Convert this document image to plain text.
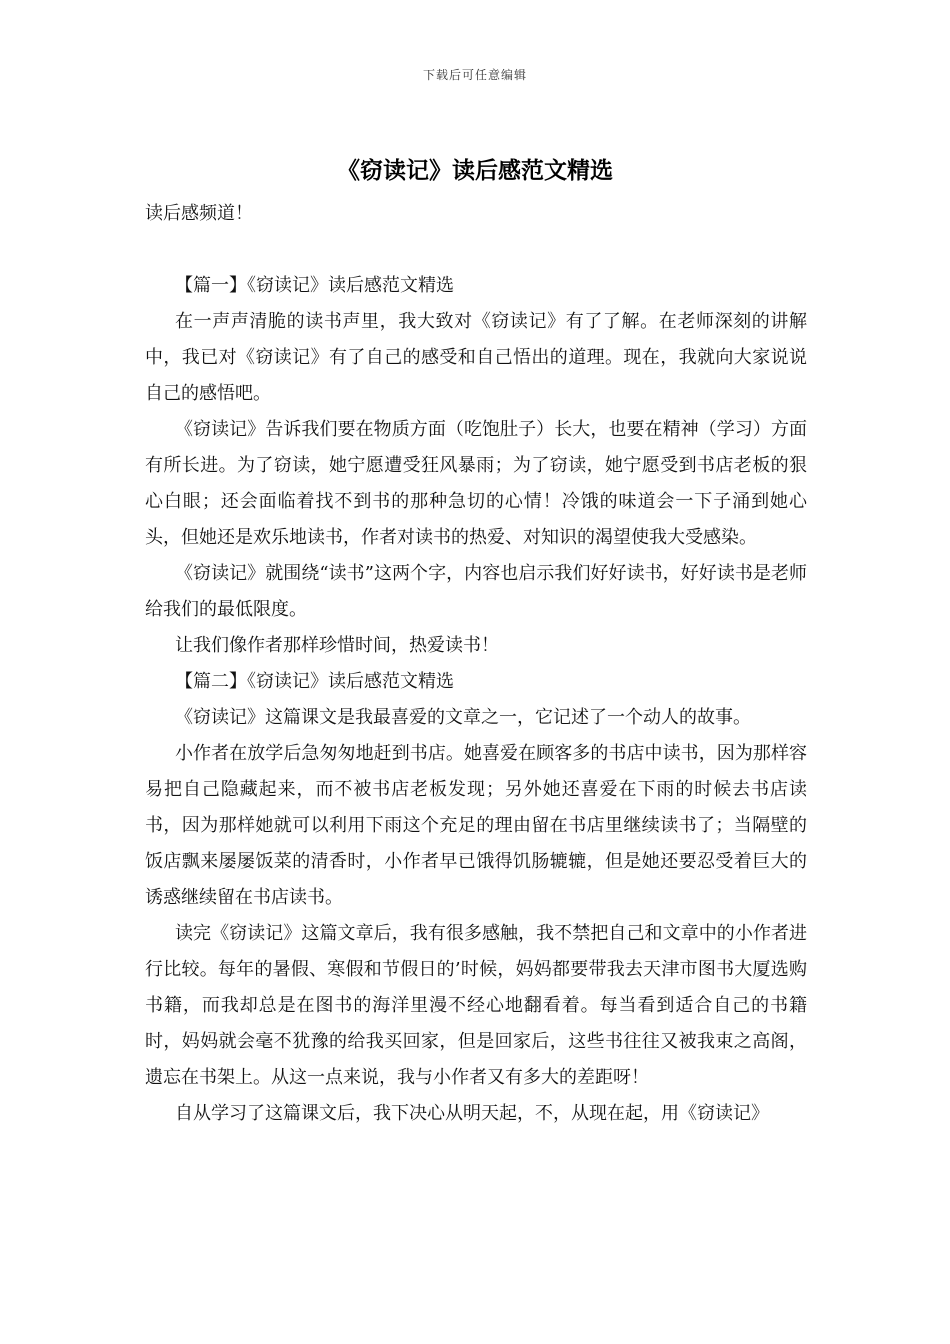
下载后可任意编辑
《窃读记》读后感范文精选

读后感频道！

【篇一】《窃读记》读后感范文精选

在一声声清脆的读书声里，我大致对《窃读记》有了了解。在老师深刻的讲解中，我已对《窃读记》有了自己的感受和自己悟出的道理。现在，我就向大家说说自己的感悟吧。

《窃读记》告诉我们要在物质方面（吃饱肚子）长大，也要在精神（学习）方面有所长进。为了窃读，她宁愿遭受狂风暴雨；为了窃读，她宁愿受到书店老板的狠心白眼；还会面临着找不到书的那种急切的心情！冷饿的味道会一下子涌到她心头，但她还是欢乐地读书，作者对读书的热爱、对知识的渴望使我大受感染。

《窃读记》就围绕“读书”这两个字，内容也启示我们好好读书，好好读书是老师给我们的最低限度。

让我们像作者那样珍惜时间，热爱读书！

【篇二】《窃读记》读后感范文精选

《窃读记》这篇课文是我最喜爱的文章之一，它记述了一个动人的故事。

小作者在放学后急匆匆地赶到书店。她喜爱在顾客多的书店中读书，因为那样容易把自己隐藏起来，而不被书店老板发现；另外她还喜爱在下雨的时候去书店读书，因为那样她就可以利用下雨这个充足的理由留在书店里继续读书了；当隔壁的饭店飘来屡屡饭菜的清香时，小作者早已饿得饥肠辘辘，但是她还要忍受着巨大的诱惑继续留在书店读书。

读完《窃读记》这篇文章后，我有很多感触，我不禁把自己和文章中的小作者进行比较。每年的暑假、寒假和节假日的’时候，妈妈都要带我去天津市图书大厦选购书籍，而我却总是在图书的海洋里漫不经心地翻看着。每当看到适合自己的书籍时，妈妈就会毫不犹豫的给我买回家，但是回家后，这些书往往又被我束之高阁，遗忘在书架上。从这一点来说，我与小作者又有多大的差距呀！

自从学习了这篇课文后，我下决心从明天起，不，从现在起，用《窃读记》
